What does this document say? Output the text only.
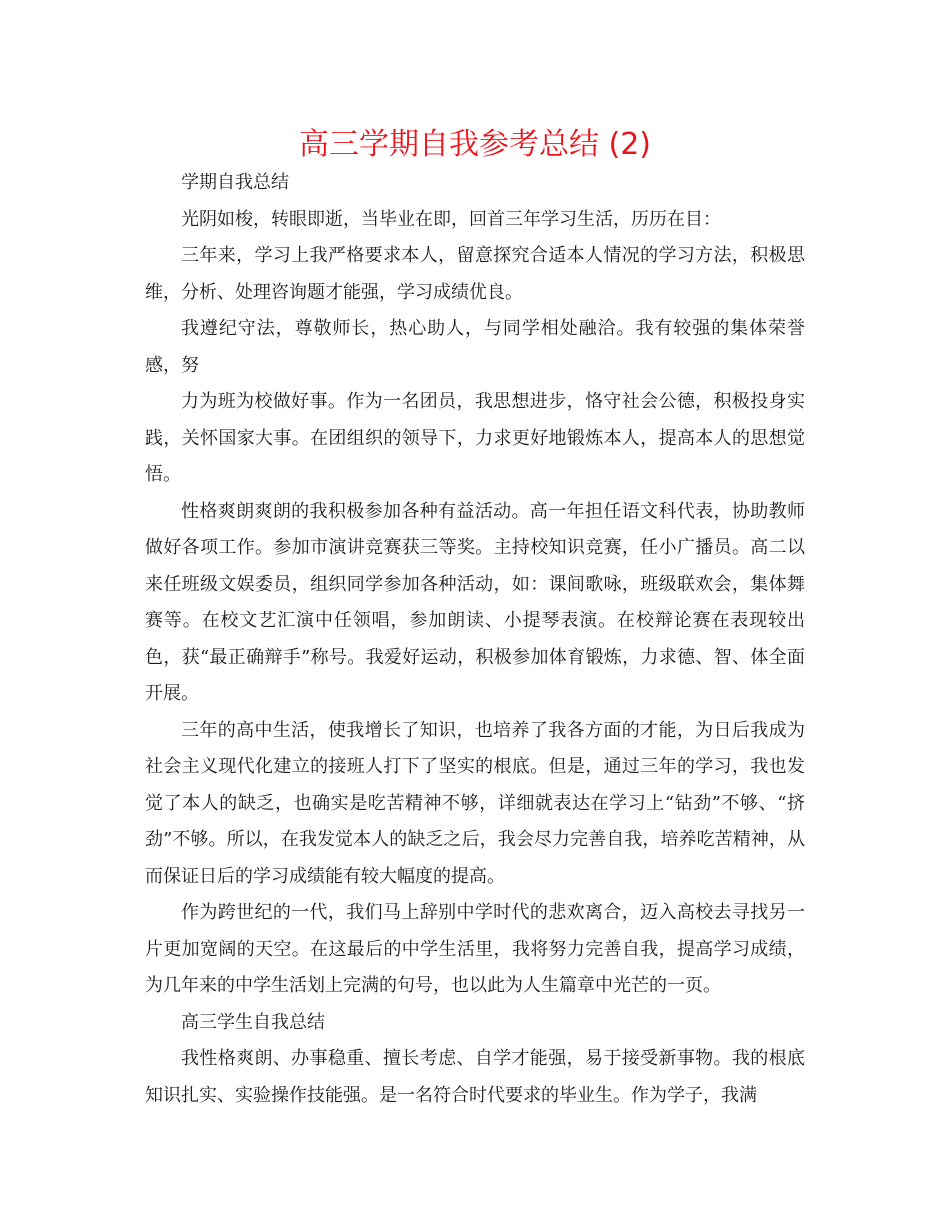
高三学期自我参考总结 (2)

学期自我总结

光阴如梭，转眼即逝，当毕业在即，回首三年学习生活，历历在目：

三年来，学习上我严格要求本人，留意探究合适本人情况的学习方法，积极思维，分析、处理咨询题才能强，学习成绩优良。

我遵纪守法，尊敬师长，热心助人，与同学相处融洽。我有较强的集体荣誉感，努

力为班为校做好事。作为一名团员，我思想进步，恪守社会公德，积极投身实践，关怀国家大事。在团组织的领导下，力求更好地锻炼本人，提高本人的思想觉悟。

性格爽朗爽朗的我积极参加各种有益活动。高一年担任语文科代表，协助教师做好各项工作。参加市演讲竞赛获三等奖。主持校知识竞赛，任小广播员。高二以来任班级文娱委员，组织同学参加各种活动，如：课间歌咏，班级联欢会，集体舞赛等。在校文艺汇演中任领唱，参加朗读、小提琴表演。在校辩论赛在表现较出色，获“最正确辩手”称号。我爱好运动，积极参加体育锻炼，力求德、智、体全面开展。

三年的高中生活，使我增长了知识，也培养了我各方面的才能，为日后我成为社会主义现代化建立的接班人打下了坚实的根底。但是，通过三年的学习，我也发觉了本人的缺乏，也确实是吃苦精神不够，详细就表达在学习上“钻劲”不够、“挤劲”不够。所以，在我发觉本人的缺乏之后，我会尽力完善自我，培养吃苦精神，从而保证日后的学习成绩能有较大幅度的提高。

作为跨世纪的一代，我们马上辞别中学时代的悲欢离合，迈入高校去寻找另一片更加宽阔的天空。在这最后的中学生活里，我将努力完善自我，提高学习成绩，为几年来的中学生活划上完满的句号，也以此为人生篇章中光芒的一页。

高三学生自我总结

我性格爽朗、办事稳重、擅长考虑、自学才能强，易于接受新事物。我的根底知识扎实、实验操作技能强。是一名符合时代要求的毕业生。作为学子，我满
